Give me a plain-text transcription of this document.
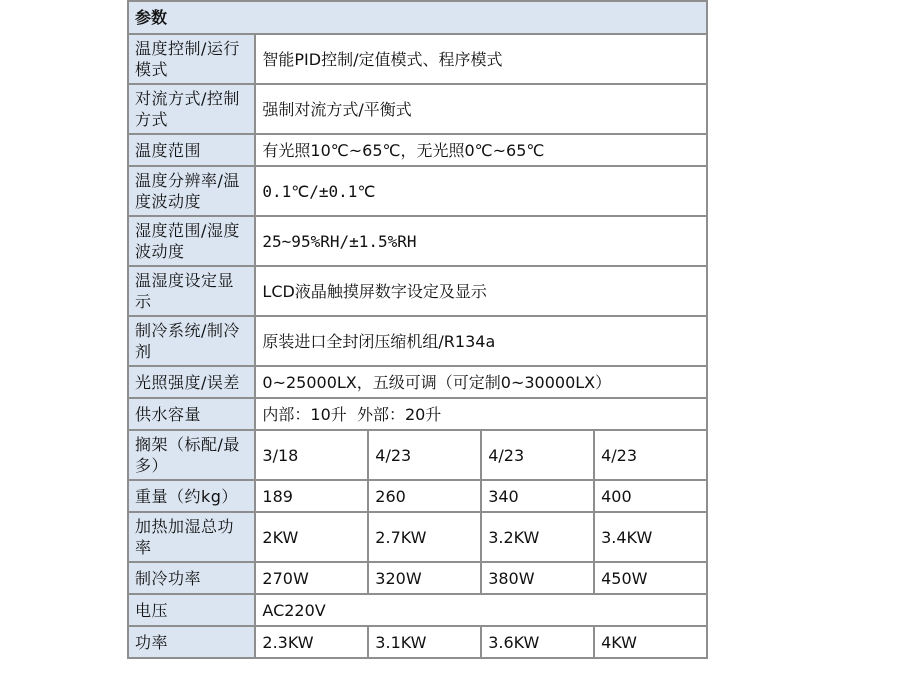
参数				
温度控制/运行模式	智能PID控制/定值模式、程序模式			
对流方式/控制方式	强制对流方式/平衡式			
温度范围	有光照10℃~65℃，无光照0℃~65℃			
温度分辨率/温度波动度	0.1℃/±0.1℃			
湿度范围/湿度波动度	25~95%RH/±1.5%RH			
温湿度设定显示	LCD液晶触摸屏数字设定及显示			
制冷系统/制冷剂	原装进口全封闭压缩机组/R134a			
光照强度/误差	0~25000LX，五级可调（可定制0~30000LX）			
供水容量	内部：10升  外部：20升			
搁架（标配/最多）	3/18	4/23	4/23	4/23
重量（约kg）	189	260	340	400
加热加湿总功率	2KW	2.7KW	3.2KW	3.4KW
制冷功率	270W	320W	380W	450W
电压	AC220V			
功率	2.3KW	3.1KW	3.6KW	4KW
